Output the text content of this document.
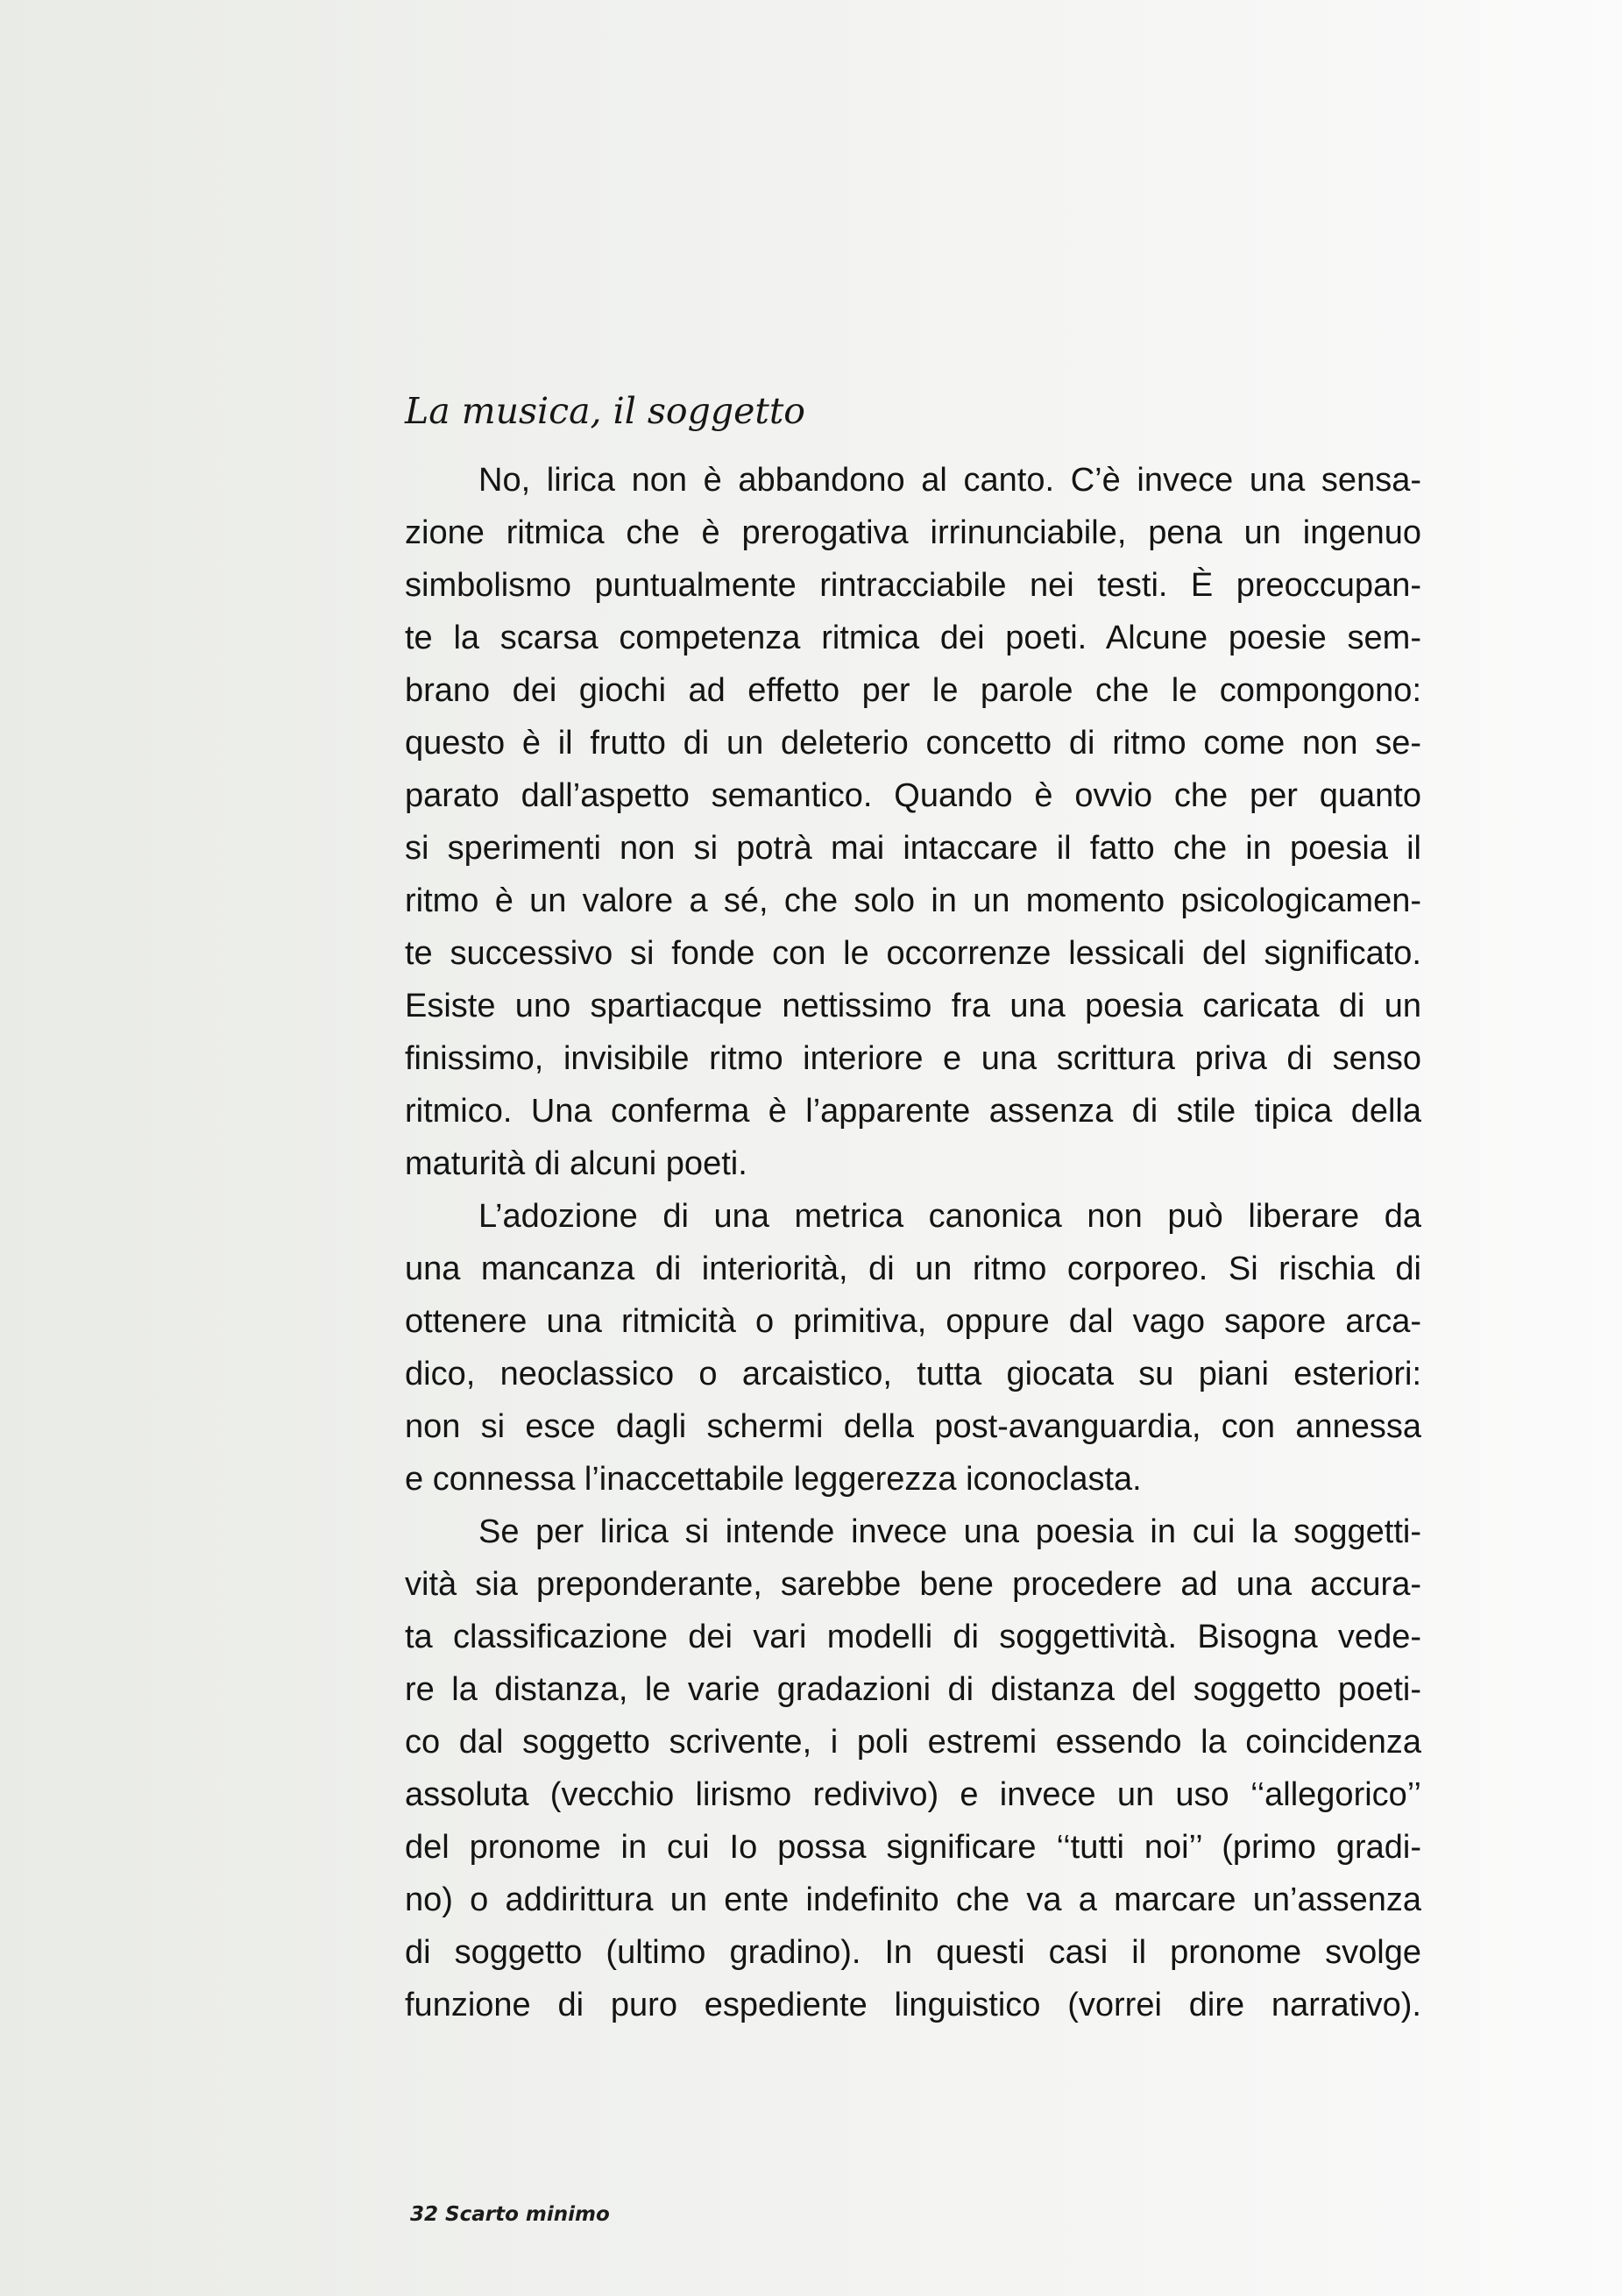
La musica, il soggetto

No, lirica non è abbandono al canto. C’è invece una sensa-
zione ritmica che è prerogativa irrinunciabile, pena un ingenuo
simbolismo puntualmente rintracciabile nei testi. È preoccupan-
te la scarsa competenza ritmica dei poeti. Alcune poesie sem-
brano dei giochi ad effetto per le parole che le compongono:
questo è il frutto di un deleterio concetto di ritmo come non se-
parato dall’aspetto semantico. Quando è ovvio che per quanto
si sperimenti non si potrà mai intaccare il fatto che in poesia il
ritmo è un valore a sé, che solo in un momento psicologicamen-
te successivo si fonde con le occorrenze lessicali del significato.
Esiste uno spartiacque nettissimo fra una poesia caricata di un
finissimo, invisibile ritmo interiore e una scrittura priva di senso
ritmico. Una conferma è l’apparente assenza di stile tipica della
maturità di alcuni poeti.

L’adozione di una metrica canonica non può liberare da
una mancanza di interiorità, di un ritmo corporeo. Si rischia di
ottenere una ritmicità o primitiva, oppure dal vago sapore arca-
dico, neoclassico o arcaistico, tutta giocata su piani esteriori:
non si esce dagli schermi della post-avanguardia, con annessa
e connessa l’inaccettabile leggerezza iconoclasta.

Se per lirica si intende invece una poesia in cui la soggetti-
vità sia preponderante, sarebbe bene procedere ad una accura-
ta classificazione dei vari modelli di soggettività. Bisogna vede-
re la distanza, le varie gradazioni di distanza del soggetto poeti-
co dal soggetto scrivente, i poli estremi essendo la coincidenza
assoluta (vecchio lirismo redivivo) e invece un uso ‘‘allegorico’’
del pronome in cui Io possa significare ‘‘tutti noi’’ (primo gradi-
no) o addirittura un ente indefinito che va a marcare un’assenza
di soggetto (ultimo gradino). In questi casi il pronome svolge
funzione di puro espediente linguistico (vorrei dire narrativo).

32 Scarto minimo
